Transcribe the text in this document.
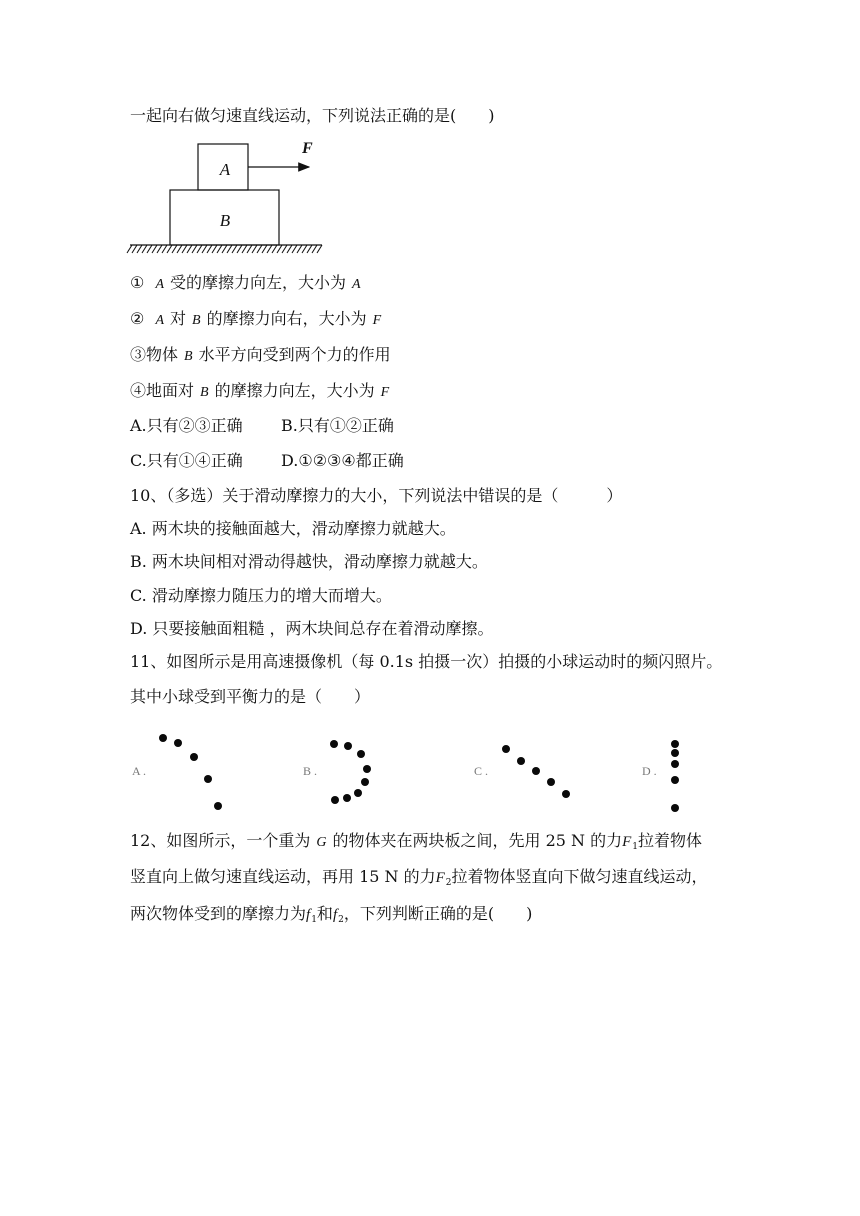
一起向右做匀速直线运动，下列说法正确的是(　　)
A
B
F
① A 受的摩擦力向左，大小为 A
② A 对 B 的摩擦力向右，大小为 F
③物体 B 水平方向受到两个力的作用
④地面对 B 的摩擦力向左，大小为 F
A.只有②③正确 B.只有①②正确
C.只有①④正确 D.①②③④都正确
10、（多选）关于滑动摩擦力的大小，下列说法中错误的是（　　　）
A. 两木块的接触面越大，滑动摩擦力就越大。
B. 两木块间相对滑动得越快，滑动摩擦力就越大。
C. 滑动摩擦力随压力的增大而增大。
D. 只要接触面粗糙 ，两木块间总存在着滑动摩擦。
11、如图所示是用高速摄像机（每 0.1s 拍摄一次）拍摄的小球运动时的频闪照片。
其中小球受到平衡力的是（　　）
A .	B .	C .	D .
12、如图所示，一个重为 G 的物体夹在两块板之间，先用 25 N 的力$F_1$拉着物体
竖直向上做匀速直线运动，再用 15 N 的力$F_2$拉着物体竖直向下做匀速直线运动，
两次物体受到的摩擦力为$f_1$和$f_2$，下列判断正确的是(　　)
